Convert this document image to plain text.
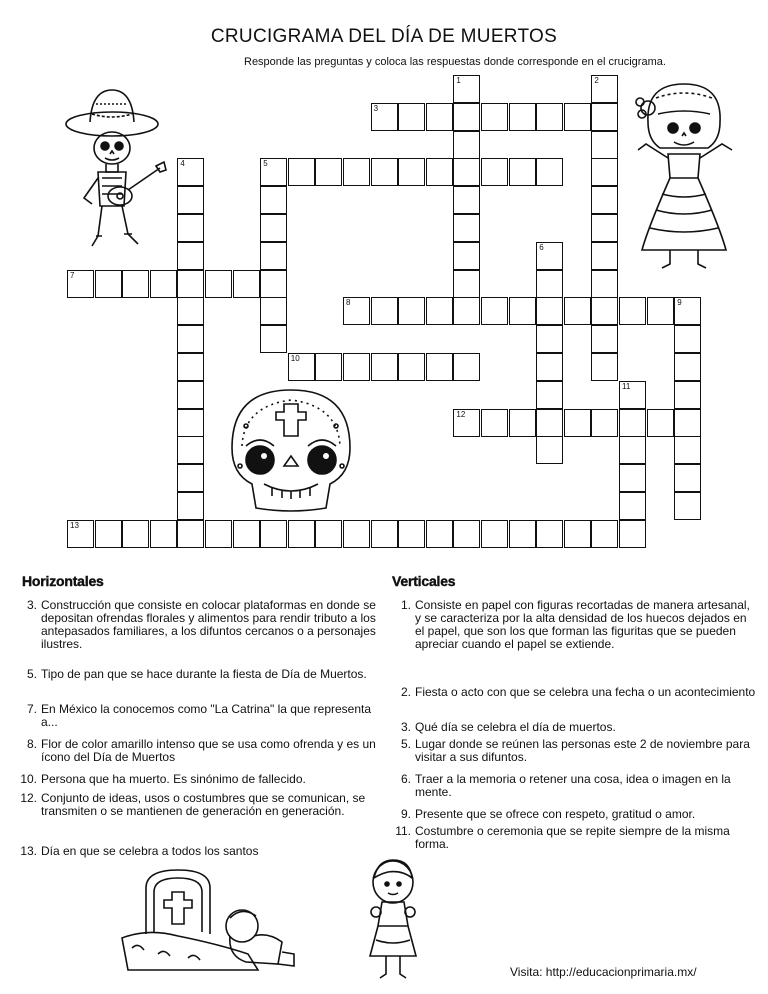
CRUCIGRAMA DEL DÍA DE MUERTOS
Responde las preguntas y coloca las respuestas donde corresponde en el crucigrama.
1	2
3
4	5
6
7
8	9
10
11
12
13
Horizontales	Verticales
3. Construcción que consiste en colocar plataformas en donde se depositan ofrendas florales y alimentos para rendir tributo a los antepasados familiares, a los difuntos cercanos o a personajes ilustres.
5. Tipo de pan que se hace durante la fiesta de Día de Muertos.
7. En México la conocemos como "La Catrina" la que representa a...
8. Flor de color amarillo intenso que se usa como ofrenda y es un ícono del Día de Muertos
10. Persona que ha muerto. Es sinónimo de fallecido.
12. Conjunto de ideas, usos o costumbres que se comunican, se transmiten o se mantienen de generación en generación.
13. Día en que se celebra a todos los santos
1. Consiste en papel con figuras recortadas de manera artesanal, y se caracteriza por la alta densidad de los huecos dejados en el papel, que son los que forman las figuritas que se pueden apreciar cuando el papel se extiende.
2. Fiesta o acto con que se celebra una fecha o un acontecimiento
3. Qué día se celebra el día de muertos.
5. Lugar donde se reúnen las personas este 2 de noviembre para visitar a sus difuntos.
6. Traer a la memoria o retener una cosa, idea o imagen en la mente.
9. Presente que se ofrece con respeto, gratitud o amor.
11. Costumbre o ceremonia que se repite siempre de la misma forma.
Visita: http://educacionprimaria.mx/
